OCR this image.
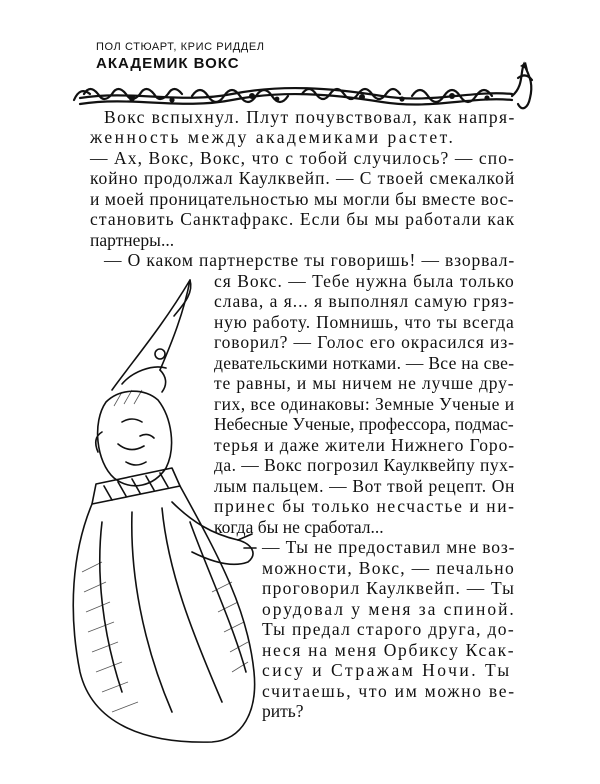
ПОЛ СТЮАРТ, КРИС РИДДЕЛ
АКАДЕМИК ВОКС
Вокс вспыхнул. Плут почувствовал, как напря-
женность между академиками растет.
— Ах, Вокс, Вокс, что с тобой случилось? — спо-
койно продолжал Каулквейп. — С твоей смекалкой
и моей проницательностью мы могли бы вместе вос-
становить Санктафракс. Если бы мы работали как
партнеры...
— О каком партнерстве ты говоришь! — взорвал-
ся Вокс. — Тебе нужна была только
слава, а я... я выполнял самую гряз-
ную работу. Помнишь, что ты всегда
говорил? — Голос его окрасился из-
девательскими нотками. — Все на све-
те равны, и мы ничем не лучше дру-
гих, все одинаковы: Земные Ученые и
Небесные Ученые, профессора, подмас-
терья и даже жители Нижнего Горо-
да. — Вокс погрозил Каулквейпу пух-
лым пальцем. — Вот твой рецепт. Он
принес бы только несчастье и ни-
когда бы не сработал...
— Ты не предоставил мне воз-
можности, Вокс, — печально
проговорил Каулквейп. — Ты
орудовал у меня за спиной.
Ты предал старого друга, до-
неся на меня Орбиксу Ксак-
сису и Стражам Ночи. Ты
считаешь, что им можно ве-
рить?
